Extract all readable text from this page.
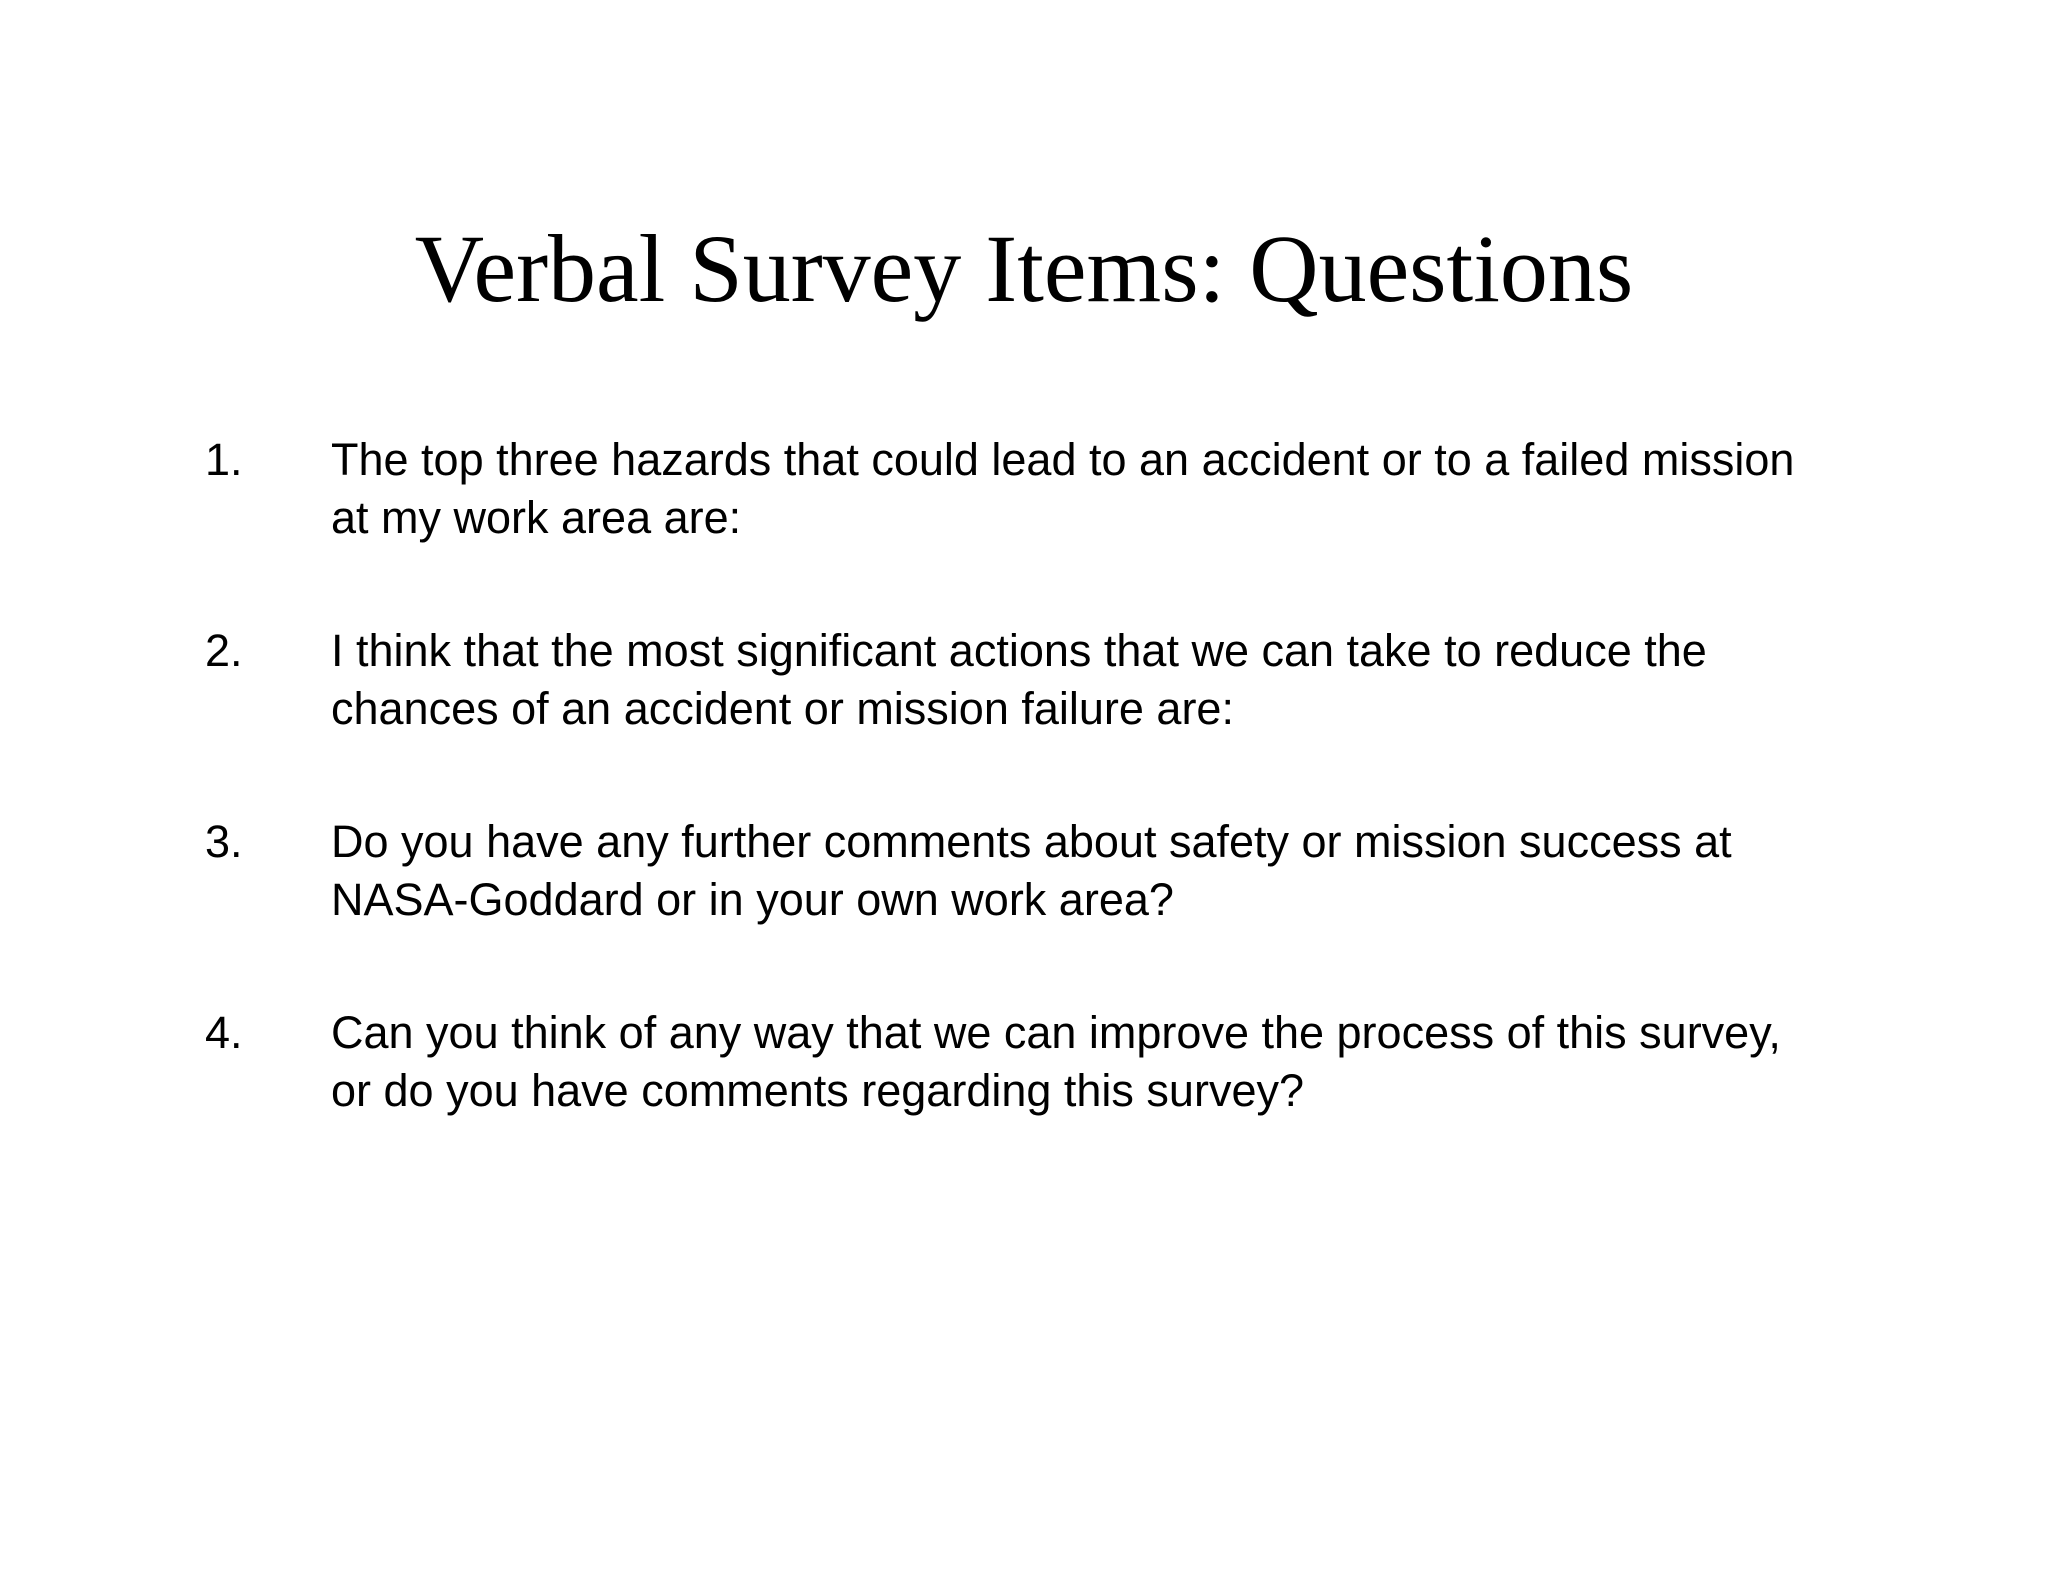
Verbal Survey Items: Questions
1.	The top three hazards that could lead to an accident or to a failed mission
at my work area are:
2.	I think that the most significant actions that we can take to reduce the
chances of an accident or mission failure are:
3.	Do you have any further comments about safety or mission success at
NASA-Goddard or in your own work area?
4.	Can you think of any way that we can improve the process of this survey,
or do you have comments regarding this survey?
